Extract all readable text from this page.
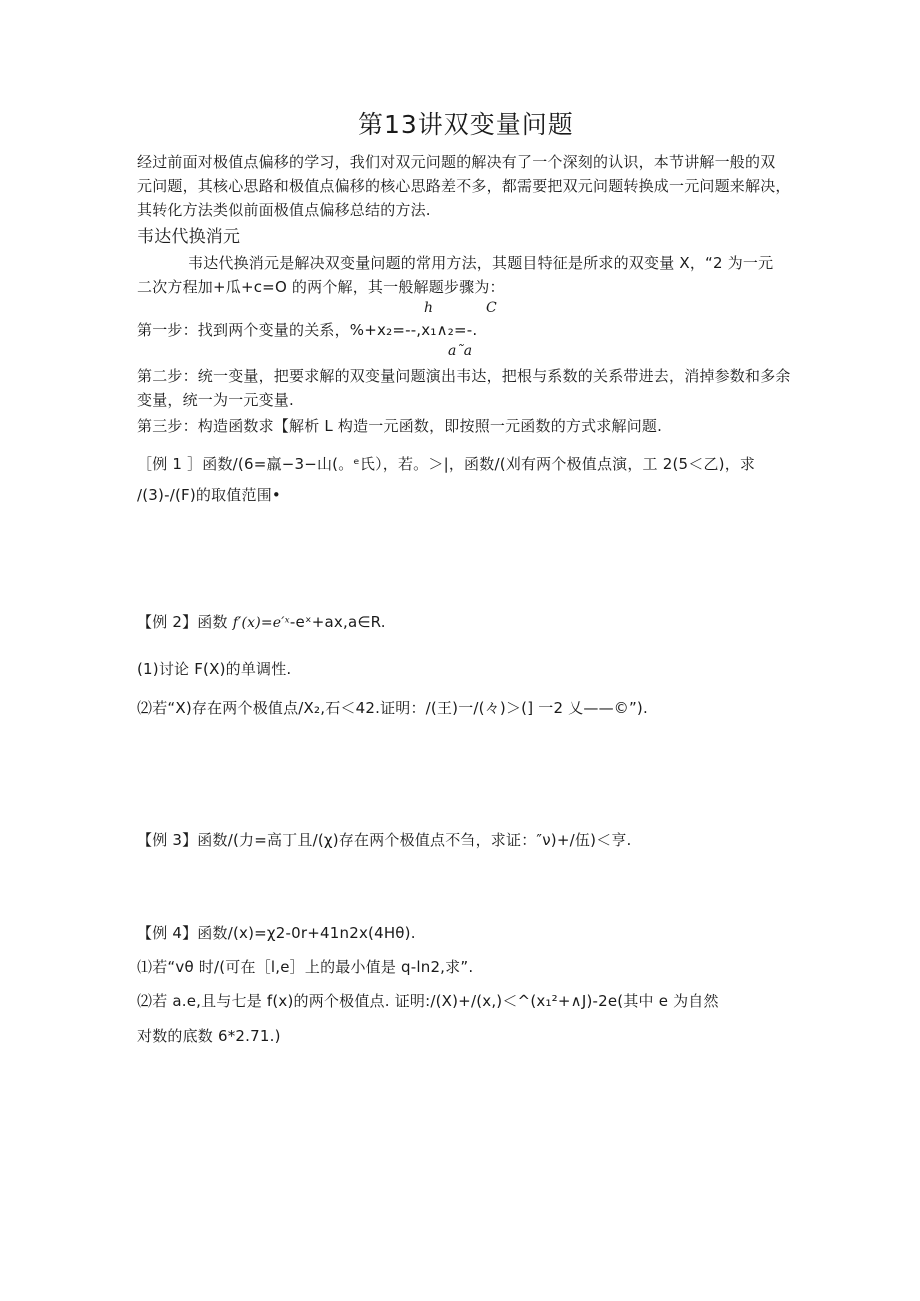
第13讲双变量问题
经过前面对极值点偏移的学习，我们对双元问题的解决有了一个深刻的认识，本节讲解一般的双
元问题，其核心思路和极值点偏移的核心思路差不多，都需要把双元问题转换成一元问题来解决，
其转化方法类似前面极值点偏移总结的方法.
韦达代换消元
韦达代换消元是解决双变量问题的常用方法，其题目特征是所求的双变量 X，“2 为一元
二次方程加+瓜+c=O 的两个解，其一般解题步骤为：
h	C
第一步：找到两个变量的关系，%+x₂=--,x₁∧₂=-.
a˜a
第二步：统一变量，把要求解的双变量问题演出韦达，把根与系数的关系带进去，消掉参数和多余
变量，统一为一元变量.
第三步：构造函数求【解析 L 构造一元函数，即按照一元函数的方式求解问题.
［例 1 ］函数/(6=羸−3−山(。ᵉ氏），若。＞|，函数/(刈有两个极值点演，工 2(5＜乙)，求
/(3)-/(F)的取值范围•
【例 2】函数 f′(x)=e′ˣ-eˣ+ax,a∈R.
(1)讨论 F(X)的单调性.
⑵若“X)存在两个极值点/X₂,石＜42.证明：/(王)一/(々)＞(] 一2 乂——©”).
【例 3】函数/(力=高丁且/(χ)存在两个极值点不刍，求证：″ν)+/伍)＜亨.
【例 4】函数/(x)=χ2-0r+41n2x(4Hθ).
⑴若“vθ 时/(可在［l,e］上的最小值是 q-ln2,求”.
⑵若 a.e,且与七是 f(x)的两个极值点. 证明:/(X)+/(x,)＜^(x₁²+∧J)-2e(其中 e 为自然
对数的底数 6*2.71.)
